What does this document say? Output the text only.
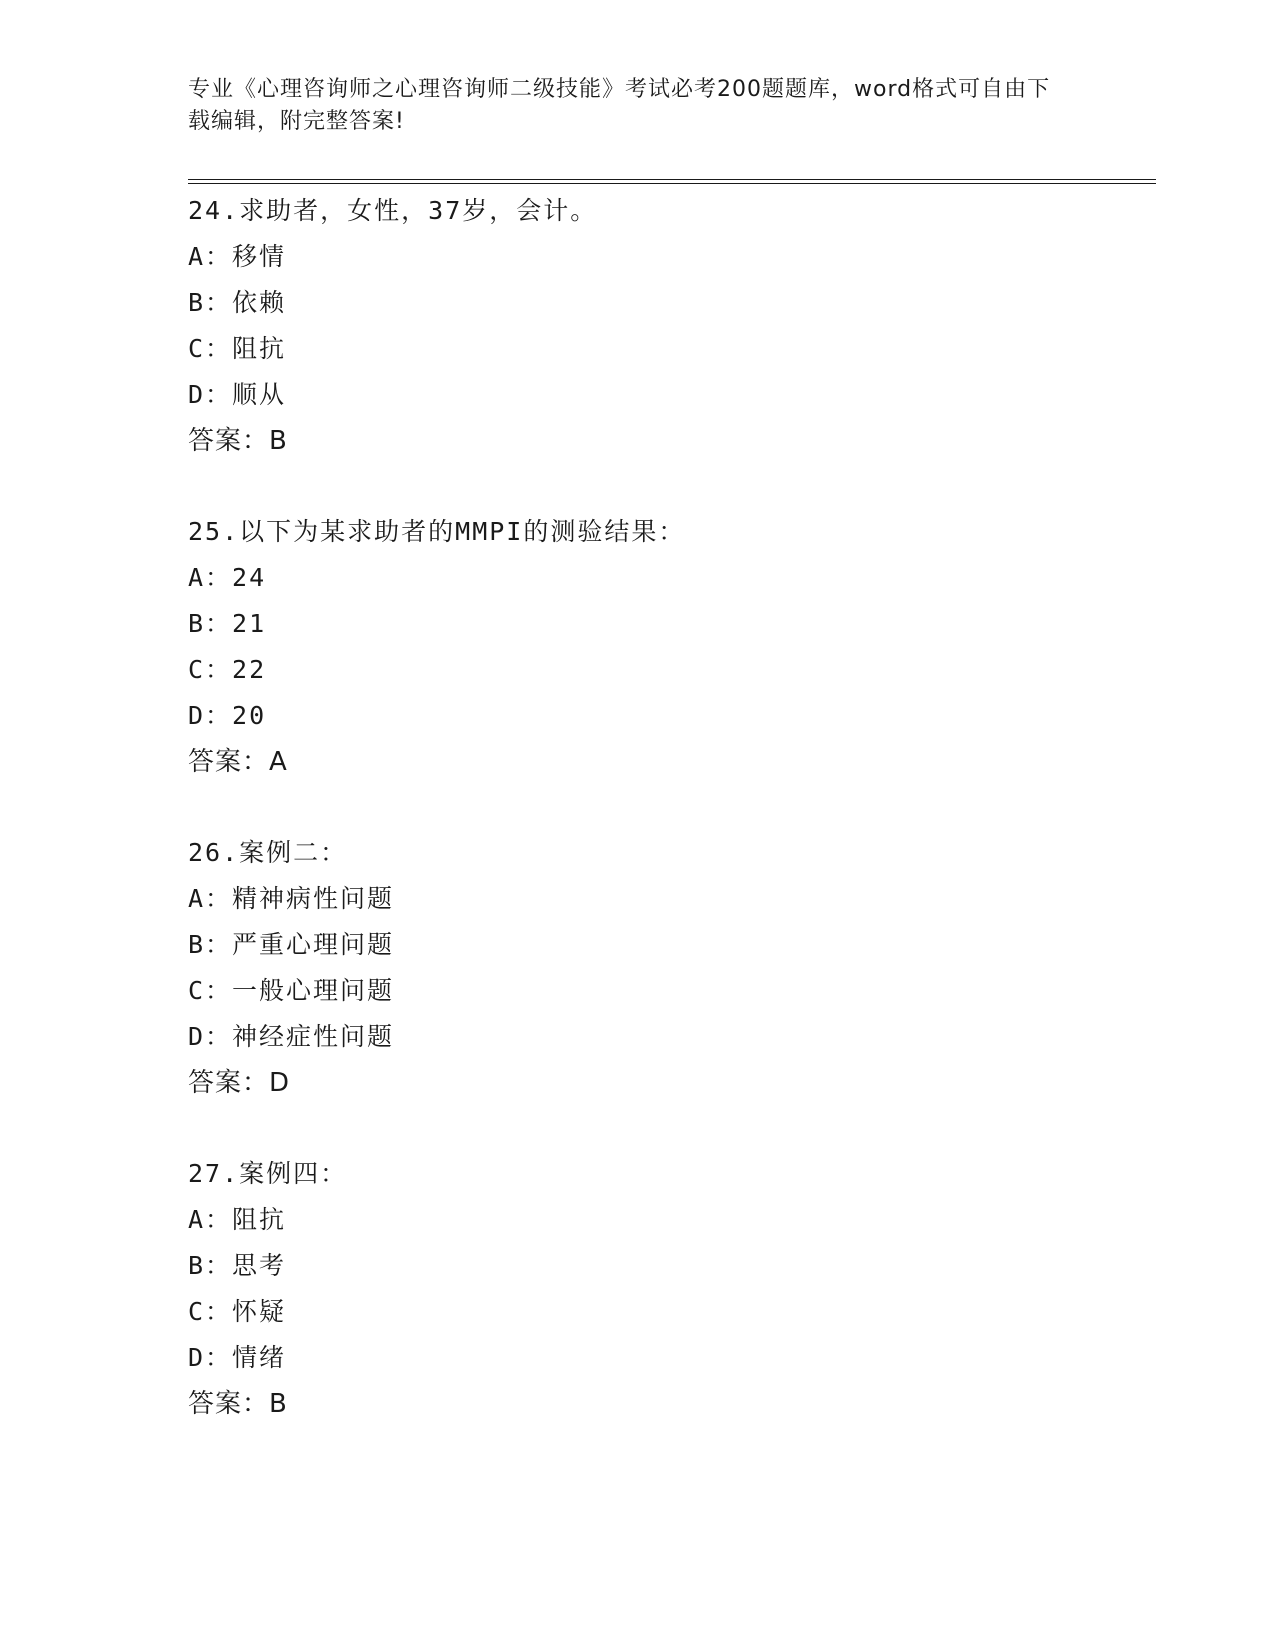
专业《心理咨询师之心理咨询师二级技能》考试必考200题题库，word格式可自由下载编辑，附完整答案!
24.求助者，女性，37岁，会计。
A：移情
B：依赖
C：阻抗
D：顺从
答案：B
25.以下为某求助者的MMPI的测验结果：
A：24
B：21
C：22
D：20
答案：A
26.案例二：
A：精神病性问题
B：严重心理问题
C：一般心理问题
D：神经症性问题
答案：D
27.案例四：
A：阻抗
B：思考
C：怀疑
D：情绪
答案：B
